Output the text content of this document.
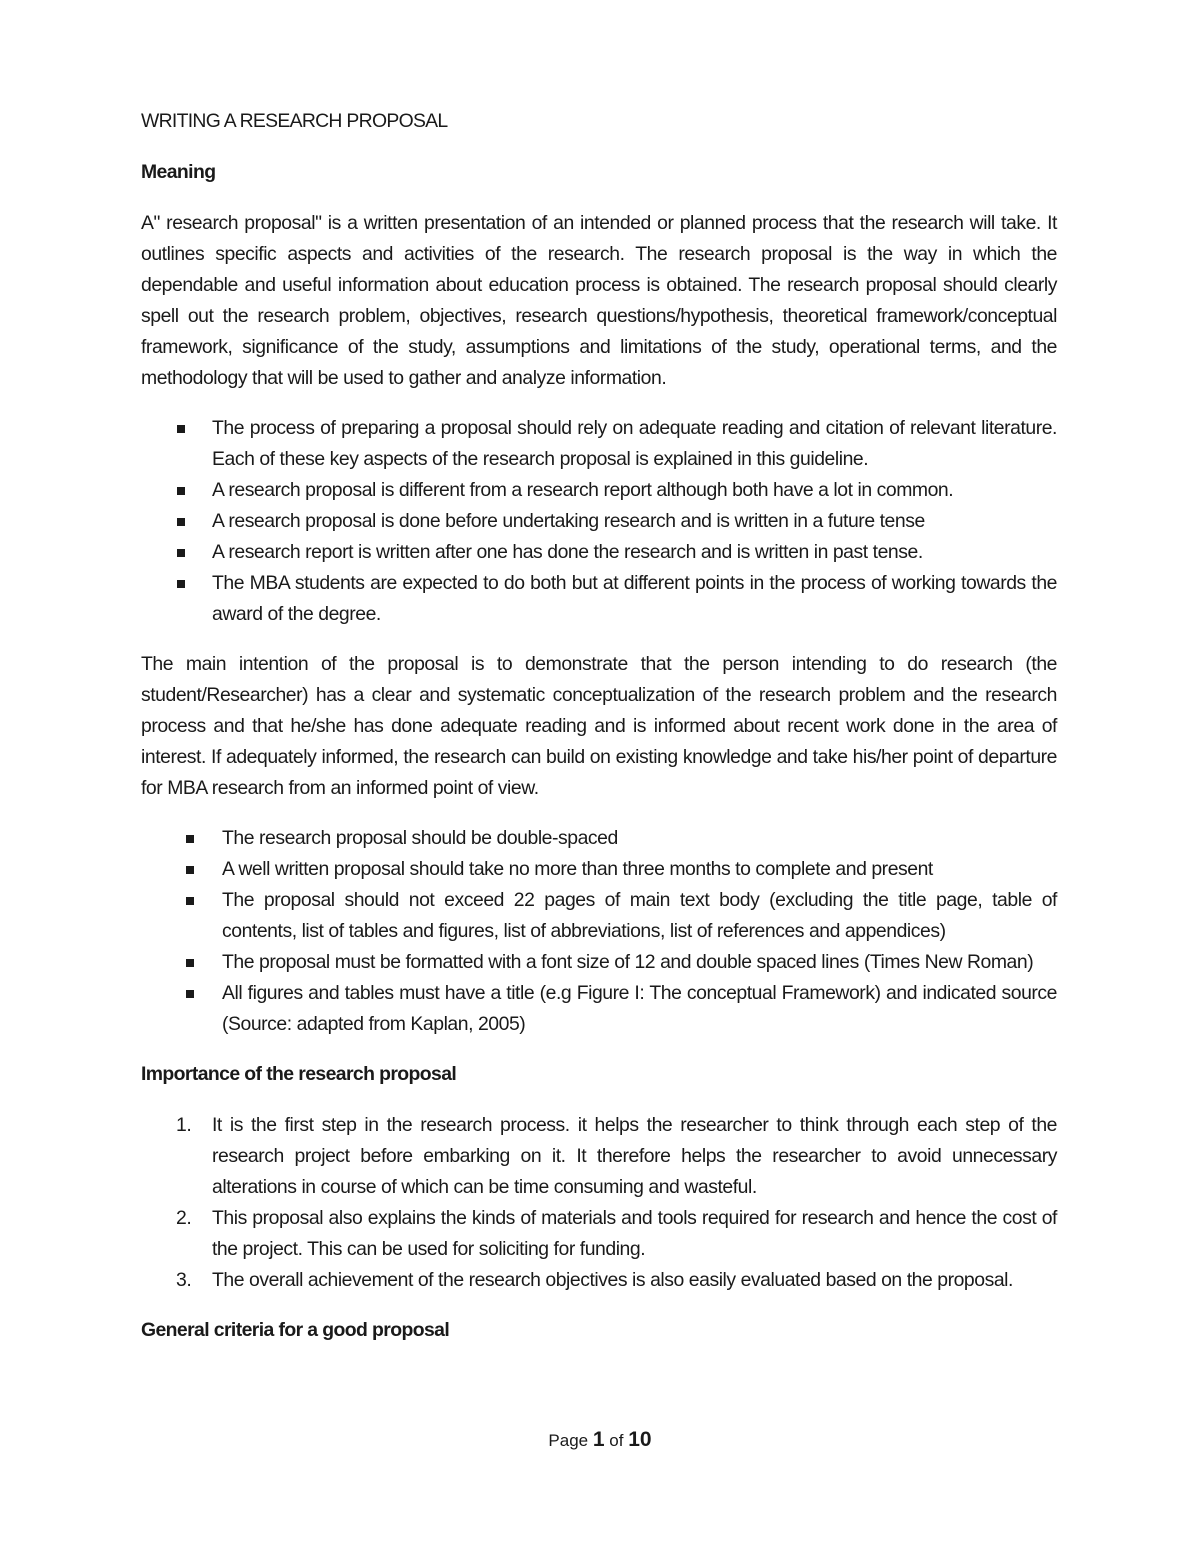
WRITING A RESEARCH PROPOSAL
Meaning

A" research proposal" is a written presentation of an intended or planned process that the research will take. It outlines specific aspects and activities of the research. The research proposal is the way in which the dependable and useful information about education process is obtained. The research proposal should clearly spell out the research problem, objectives, research questions/hypothesis, theoretical framework/conceptual framework, significance of the study, assumptions and limitations of the study, operational terms, and the methodology that will be used to gather and analyze information.

The process of preparing a proposal should rely on adequate reading and citation of relevant literature. Each of these key aspects of the research proposal is explained in this guideline.
A research proposal is different from a research report although both have a lot in common.
A research proposal is done before undertaking research and is written in a future tense
A research report is written after one has done the research and is written in past tense.
The MBA students are expected to do both but at different points in the process of working towards the award of the degree.

The main intention of the proposal is to demonstrate that the person intending to do research (the student/Researcher) has a clear and systematic conceptualization of the research problem and the research process and that he/she has done adequate reading and is informed about recent work done in the area of interest. If adequately informed, the research can build on existing knowledge and take his/her point of departure for MBA research from an informed point of view.

The research proposal should be double-spaced
A well written proposal should take no more than three months to complete and present
The proposal should not exceed 22 pages of main text body (excluding the title page, table of contents, list of tables and figures, list of abbreviations, list of references and appendices)
The proposal must be formatted with a font size of 12 and double spaced lines (Times New Roman)
All figures and tables must have a title (e.g Figure I: The conceptual Framework) and indicated source (Source: adapted from Kaplan, 2005)
Importance of the research proposal
1. It is the first step in the research process. it helps the researcher to think through each step of the research project before embarking on it. It therefore helps the researcher to avoid unnecessary alterations in course of which can be time consuming and wasteful.
2. This proposal also explains the kinds of materials and tools required for research and hence the cost of the project. This can be used for soliciting for funding.
3. The overall achievement of the research objectives is also easily evaluated based on the proposal.
General criteria for a good proposal
Page 1 of 10
